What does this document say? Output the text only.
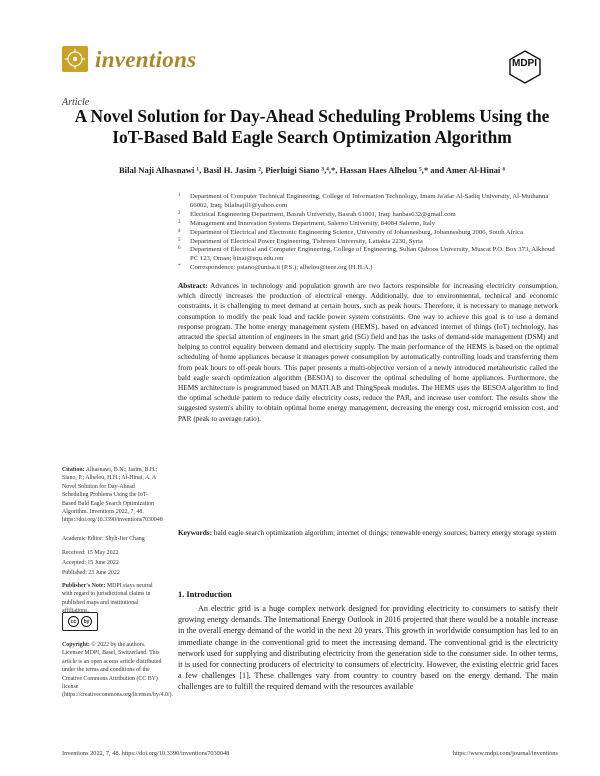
inventions	MDPI
Article
A Novel Solution for Day-Ahead Scheduling Problems Using the IoT-Based Bald Eagle Search Optimization Algorithm
Bilal Naji Alhasnawi ¹, Basil H. Jasim ², Pierluigi Siano ³,⁴,*, Hassan Haes Alhelou ⁵,* and Amer Al-Hinai ⁶
1 Department of Computer Technical Engineering, College of Information Technology, Imam Ja'afar Al-Sadiq University, Al-Muthanna 66002, Iraq; bilalnajil1@yahoo.com
2 Electrical Engineering Department, Basrah University, Basrah 61001, Iraq; hanbas632@gmail.com
3 Management and Innovation Systems Department, Salerno University, 84084 Salerno, Italy
4 Department of Electrical and Electronic Engineering Science, University of Johannesburg, Johannesburg 2006, South Africa
5 Department of Electrical Power Engineering, Tishreen University, Lattakia 2230, Syria
6 Department of Electrical and Computer Engineering, College of Engineering, Sultan Qaboos University, Muscat P.O. Box 373, Alkhoud PC 123, Oman; hinai@squ.edu.om
* Correspondence: psiano@unisa.it (P.S.); alhelou@ieee.org (H.H.A.)
Abstract: Advances in technology and population growth are two factors responsible for increasing electricity consumption, which directly increases the production of electrical energy. Additionally, due to environmental, technical and economic constraints, it is challenging to meet demand at certain hours, such as peak hours. Therefore, it is necessary to manage network consumption to modify the peak load and tackle power system constraints. One way to achieve this goal is to use a demand response program. The home energy management system (HEMS), based on advanced internet of things (IoT) technology, has attracted the special attention of engineers in the smart grid (SG) field and has the tasks of demand-side management (DSM) and helping to control equality between demand and electricity supply. The main performance of the HEMS is based on the optimal scheduling of home appliances because it manages power consumption by automatically controlling loads and transferring them from peak hours to off-peak hours. This paper presents a multi-objective version of a newly introduced metaheuristic called the bald eagle search optimization algorithm (BESOA) to discover the optimal scheduling of home appliances. Furthermore, the HEMS architecture is programmed based on MATLAB and ThingSpeak modules. The HEMS uses the BESOA algorithm to find the optimal schedule pattern to reduce daily electricity costs, reduce the PAR, and increase user comfort. The results show the suggested system's ability to obtain optimal home energy management, decreasing the energy cost, microgrid emission cost, and PAR (peak to average ratio).
Keywords: bald eagle search optimization algorithm; internet of things; renewable energy sources; battery energy storage system
Citation: Alhasnawi, B.N.; Jasim, B.H.; Siano, P.; Alhelou, H.H.; Al-Hinai, A. A Novel Solution for Day-Ahead Scheduling Problems Using the IoT-Based Bald Eagle Search Optimization Algorithm. Inventions 2022, 7, 48. https://doi.org/10.3390/inventions7030048
Academic Editor: Shyh-Jier Chang
Received: 15 May 2022
Accepted: 15 June 2022
Published: 23 June 2022
Publisher's Note: MDPI stays neutral with regard to jurisdictional claims in published maps and institutional
cc	by
Copyright: © 2022 by the authors. Licensee MDPI, Basel, Switzerland. This article is an open access article distributed under the terms and conditions of the Creative Commons Attribution (CC BY) license (https://creativecommons.org/licenses/by/4.0/).
1. Introduction
An electric grid is a huge complex network designed for providing electricity to consumers to satisfy their growing energy demands. The International Energy Outlook in 2016 projected that there would be a notable increase in the overall energy demand of the world in the next 20 years. This growth in worldwide consumption has led to an immediate change in the conventional grid to meet the increasing demand. The conventional grid is the electricity network used for supplying and distributing electricity from the generation side to the consumer side. In other terms, it is used for connecting producers of electricity to consumers of electricity. However, the existing electric grid faces a few challenges [1]. These challenges vary from country to country based on the energy demand. The main challenges are to fulfill the required demand with the resources available
Inventions 2022, 7, 48. https://doi.org/10.3390/inventions7030048	https://www.mdpi.com/journal/inventions
